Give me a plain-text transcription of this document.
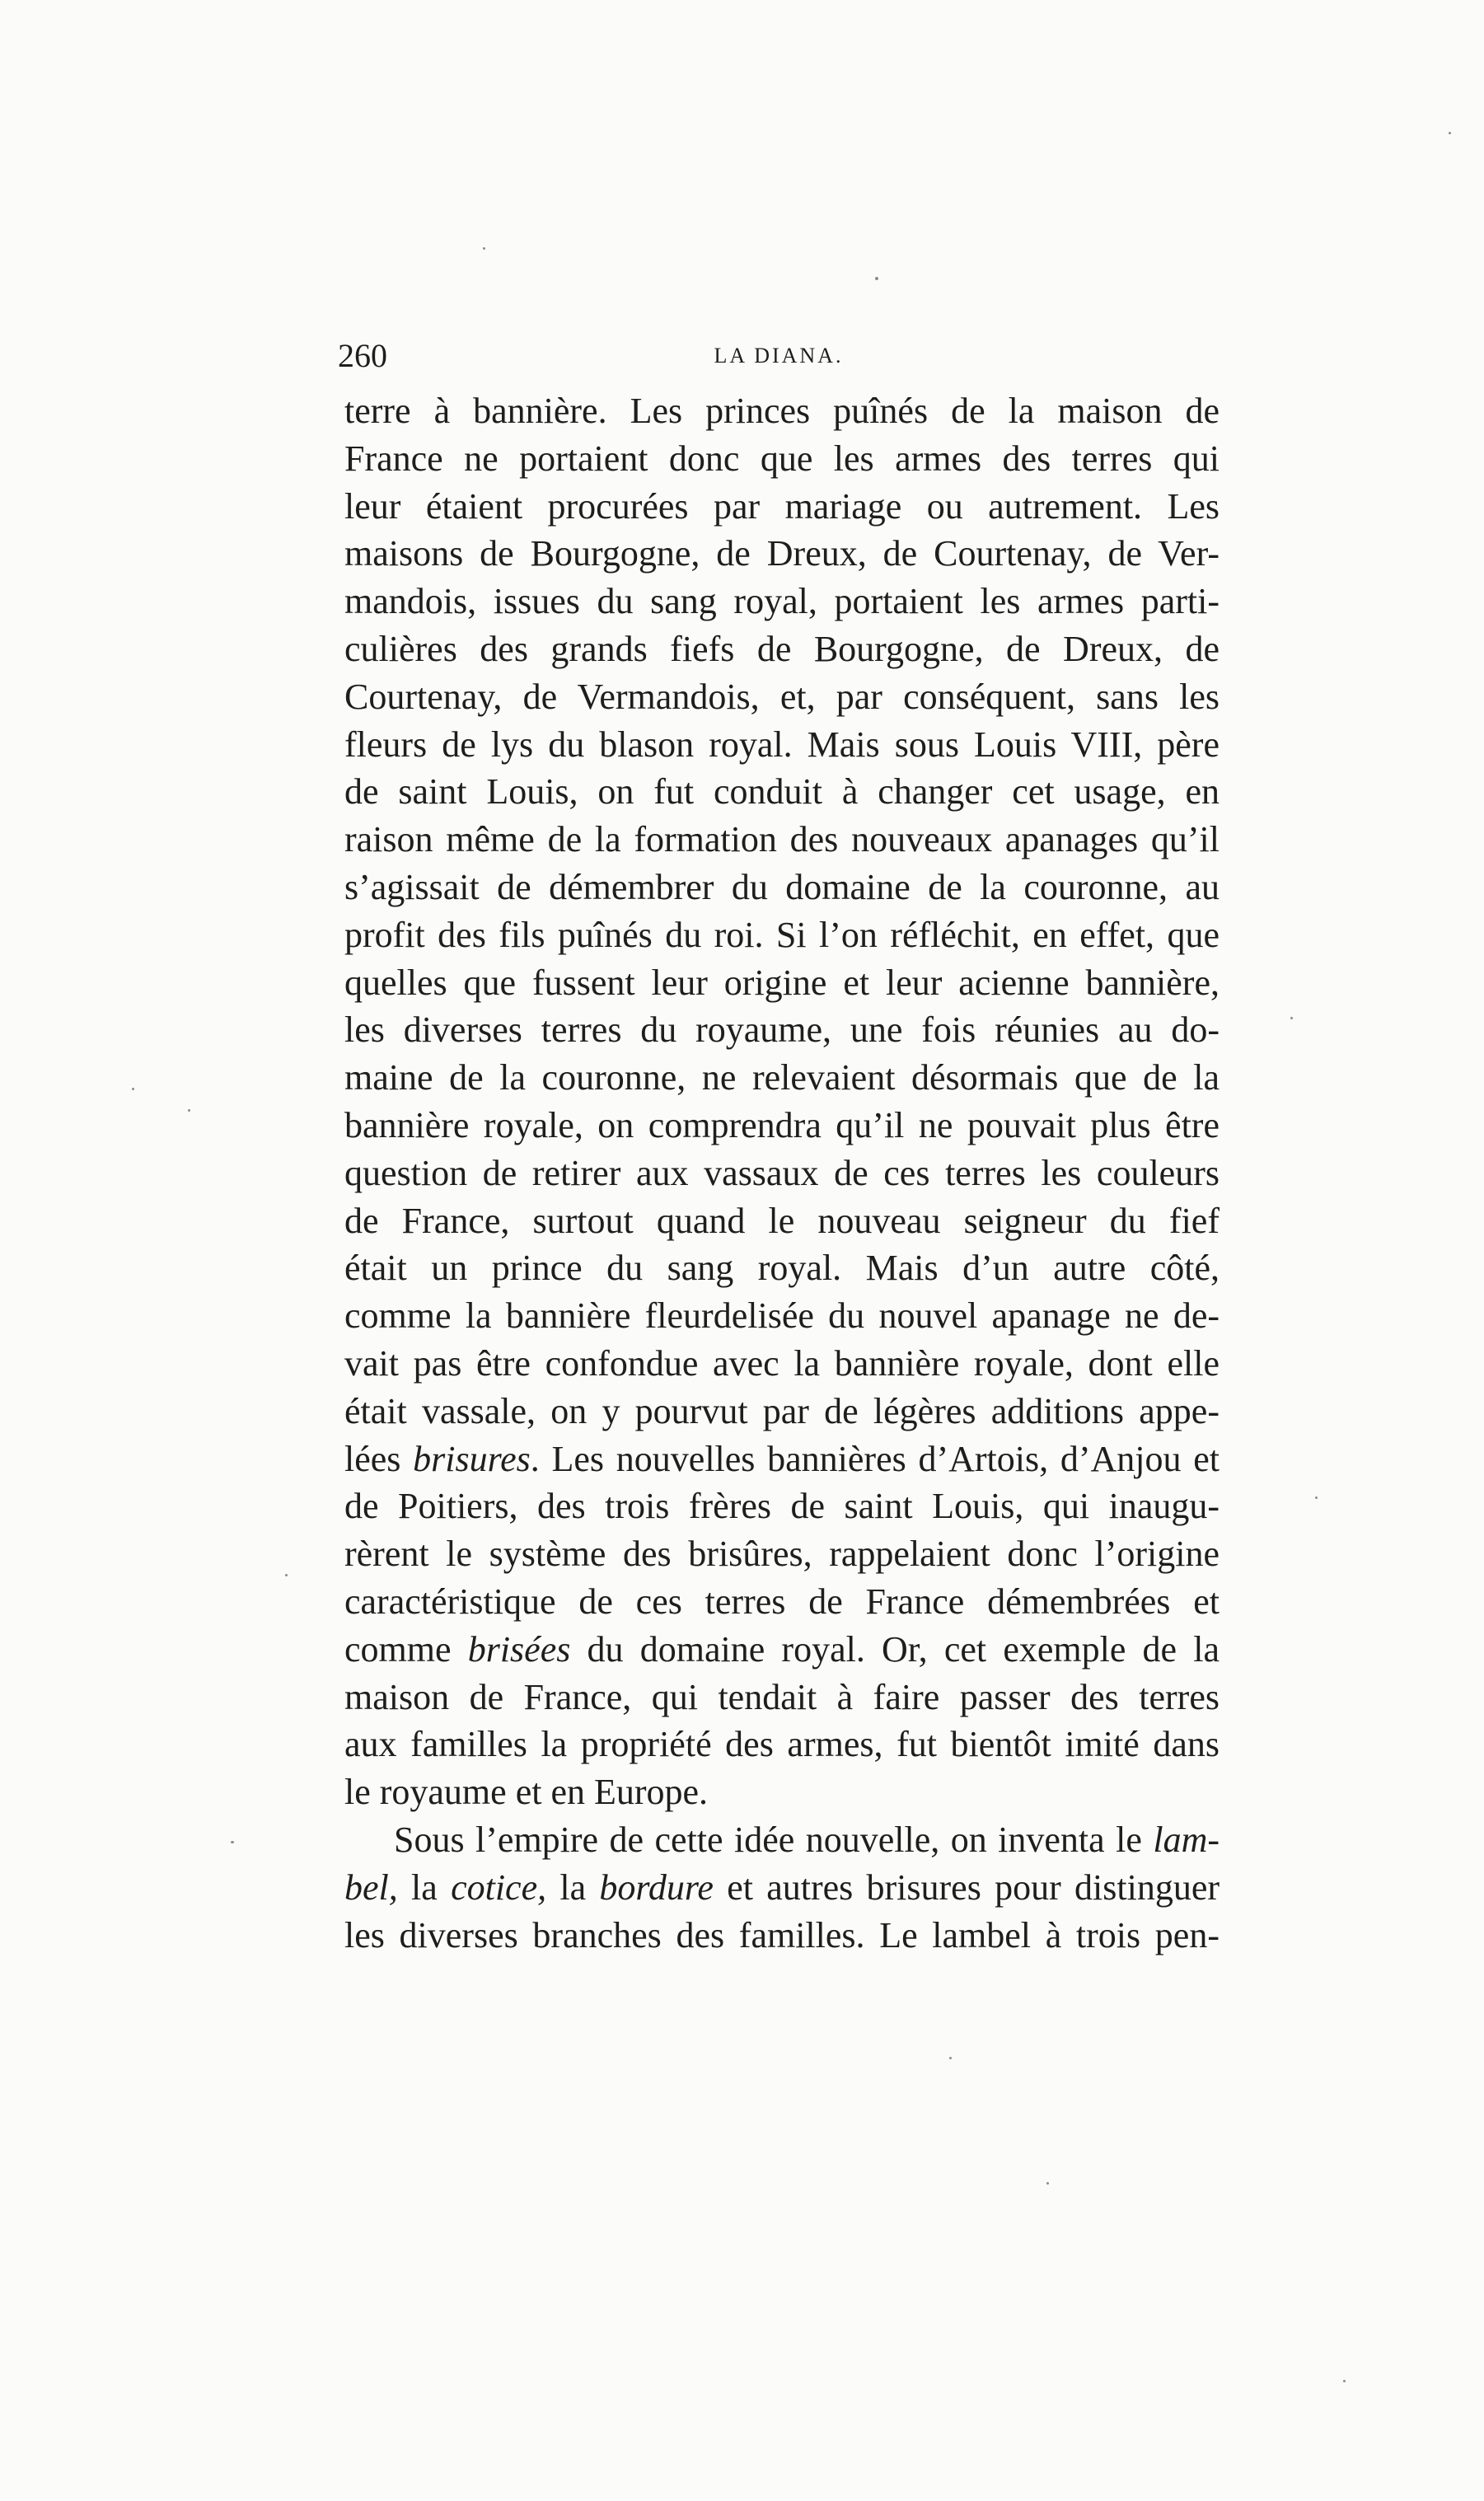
260	LA DIANA.
terre à bannière. Les princes puînés de la maison de
France ne portaient donc que les armes des terres qui
leur étaient procurées par mariage ou autrement. Les
maisons de Bourgogne, de Dreux, de Courtenay, de Ver-
mandois, issues du sang royal, portaient les armes parti-
culières des grands fiefs de Bourgogne, de Dreux, de
Courtenay, de Vermandois, et, par conséquent, sans les
fleurs de lys du blason royal. Mais sous Louis VIII, père
de saint Louis, on fut conduit à changer cet usage, en
raison même de la formation des nouveaux apanages qu’il
s’agissait de démembrer du domaine de la couronne, au
profit des fils puînés du roi. Si l’on réfléchit, en effet, que
quelles que fussent leur origine et leur acienne bannière,
les diverses terres du royaume, une fois réunies au do-
maine de la couronne, ne relevaient désormais que de la
bannière royale, on comprendra qu’il ne pouvait plus être
question de retirer aux vassaux de ces terres les couleurs
de France, surtout quand le nouveau seigneur du fief
était un prince du sang royal. Mais d’un autre côté,
comme la bannière fleurdelisée du nouvel apanage ne de-
vait pas être confondue avec la bannière royale, dont elle
était vassale, on y pourvut par de légères additions appe-
lées brisures. Les nouvelles bannières d’Artois, d’Anjou et
de Poitiers, des trois frères de saint Louis, qui inaugu-
rèrent le système des brisûres, rappelaient donc l’origine
caractéristique de ces terres de France démembrées et
comme brisées du domaine royal. Or, cet exemple de la
maison de France, qui tendait à faire passer des terres
aux familles la propriété des armes, fut bientôt imité dans
le royaume et en Europe.
Sous l’empire de cette idée nouvelle, on inventa le lam-
bel, la cotice, la bordure et autres brisures pour distinguer
les diverses branches des familles. Le lambel à trois pen-
